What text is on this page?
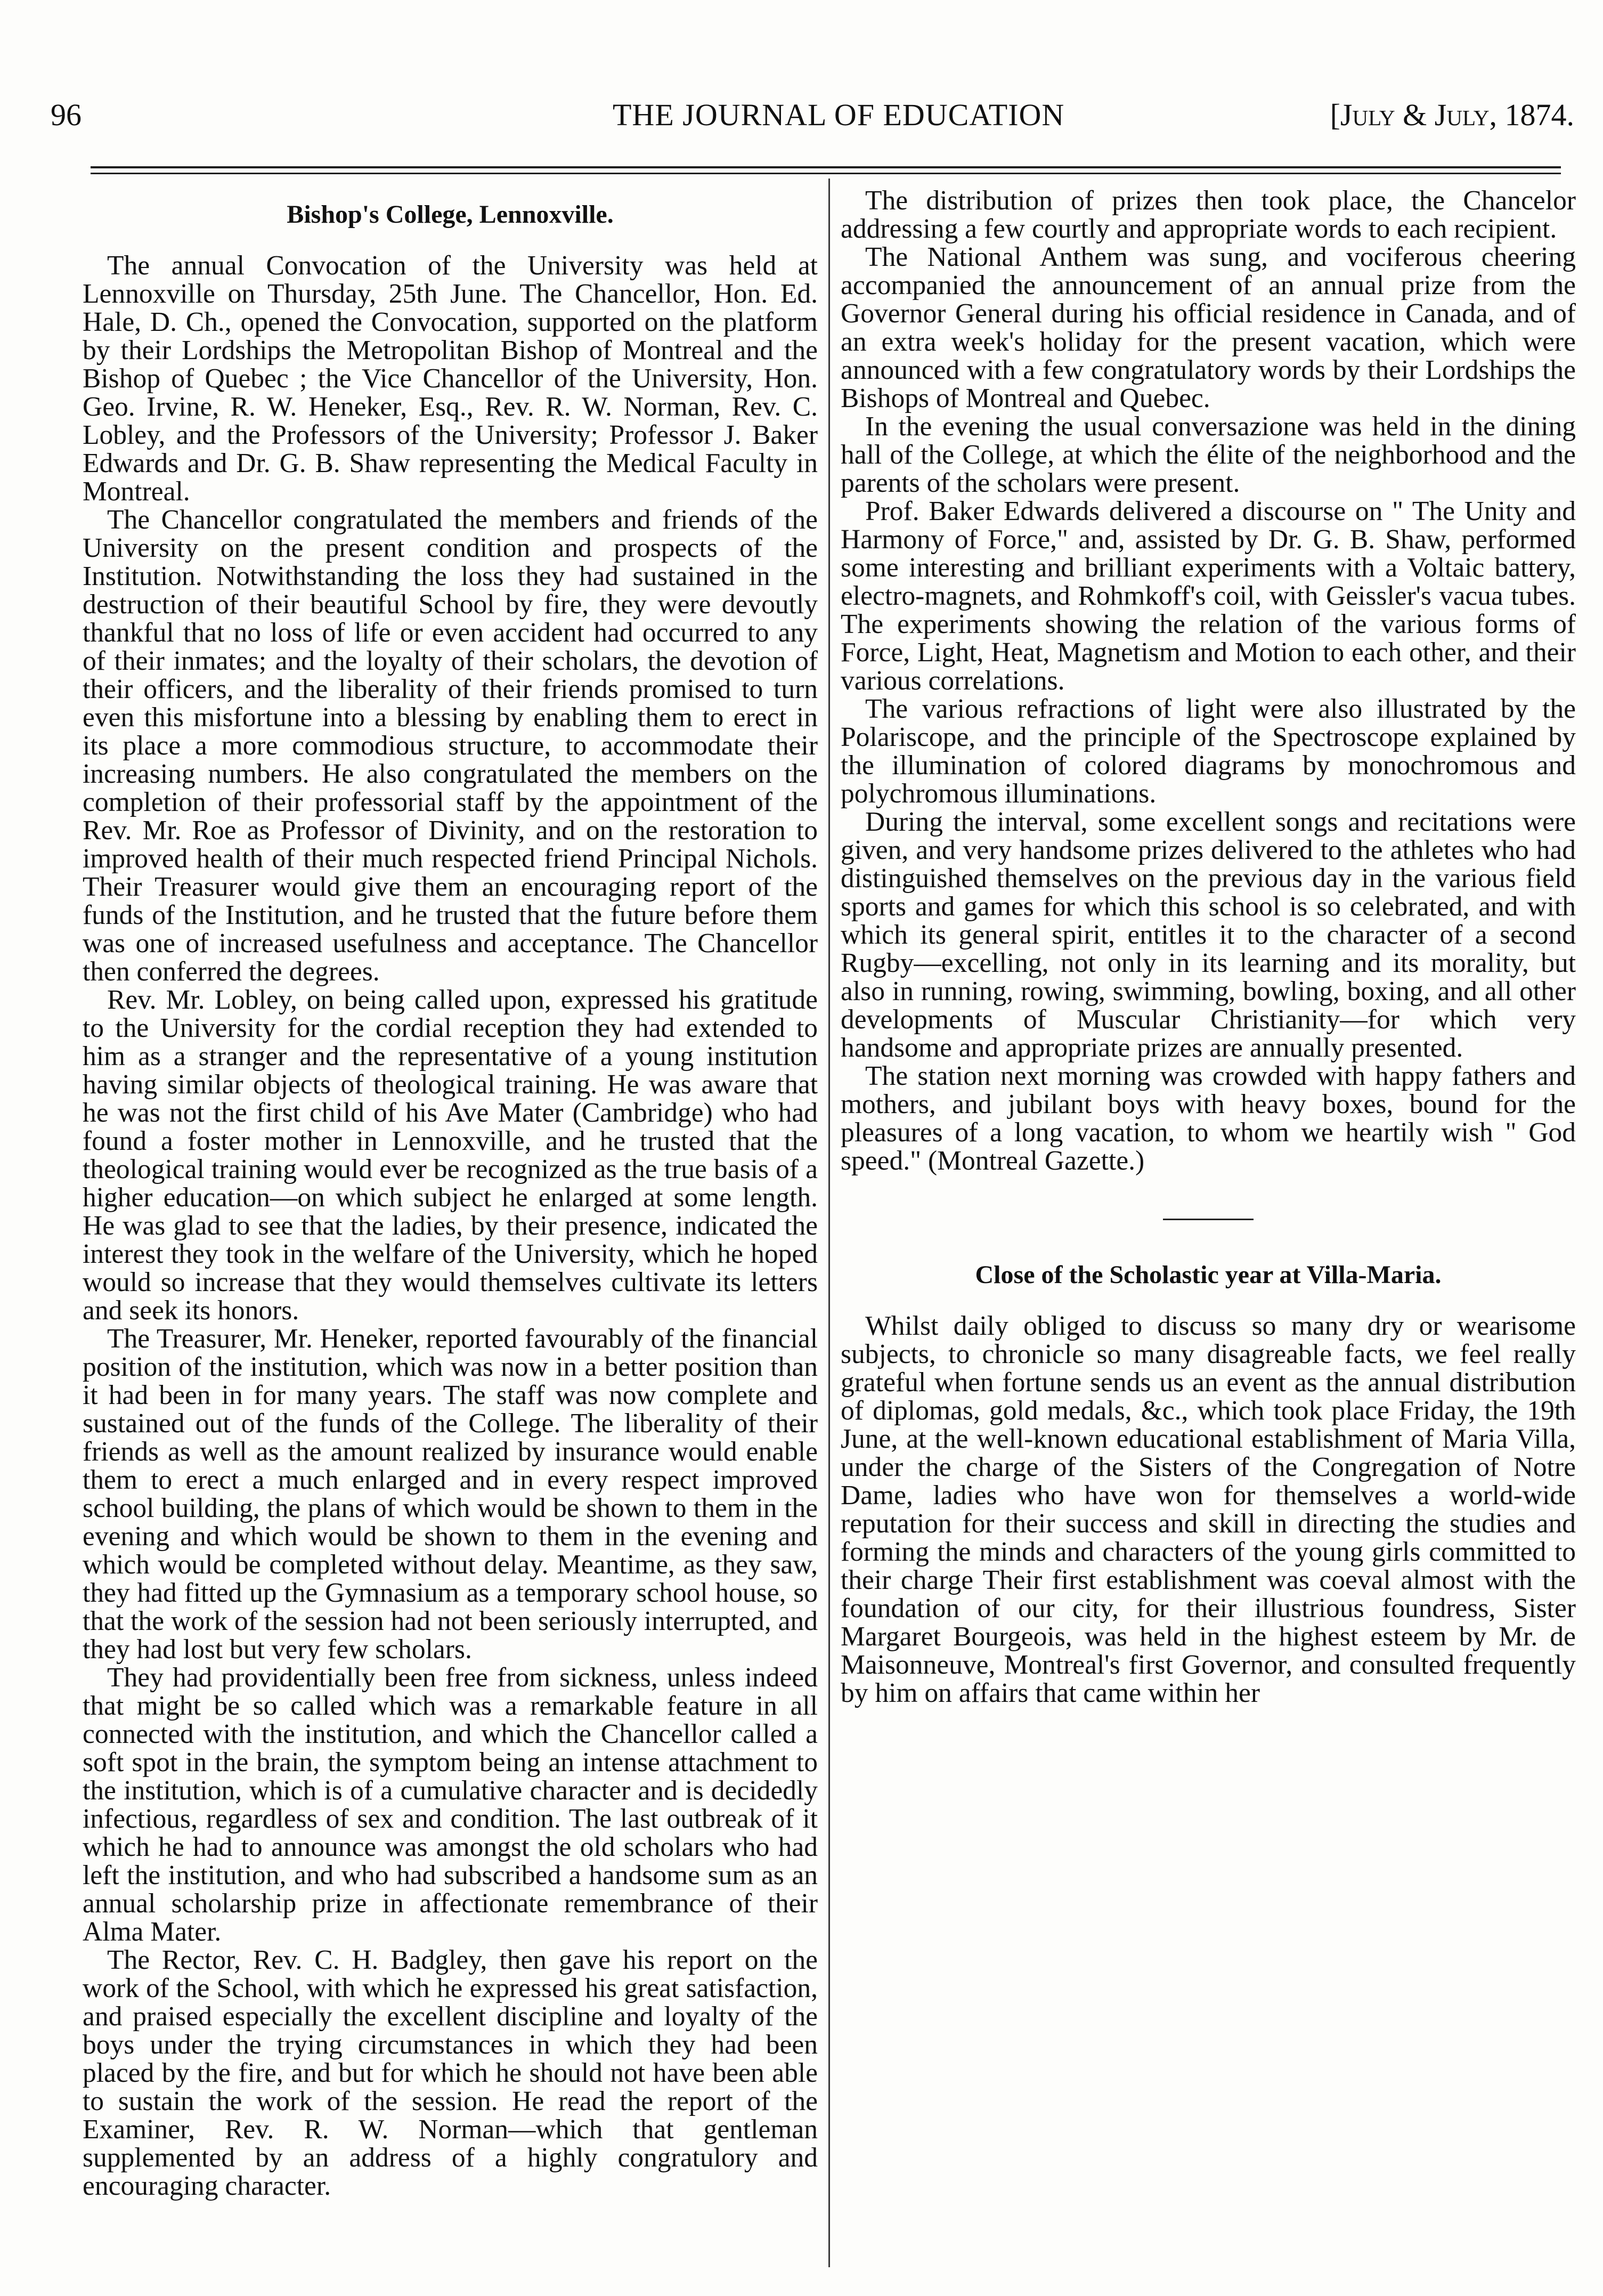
96	THE JOURNAL OF EDUCATION	[July & July, 1874.
Bishop's College, Lennoxville.

The annual Convocation of the University was held at Lennoxville on Thursday, 25th June. The Chancellor, Hon. Ed. Hale, D. Ch., opened the Convocation, supported on the platform by their Lordships the Metropolitan Bishop of Montreal and the Bishop of Quebec ; the Vice Chancellor of the University, Hon. Geo. Irvine, R. W. Heneker, Esq., Rev. R. W. Norman, Rev. C. Lobley, and the Professors of the University; Professor J. Baker Edwards and Dr. G. B. Shaw representing the Medical Faculty in Montreal.

The Chancellor congratulated the members and friends of the University on the present condition and prospects of the Institution. Notwithstanding the loss they had sustained in the destruction of their beautiful School by fire, they were devoutly thankful that no loss of life or even accident had occurred to any of their inmates; and the loyalty of their scholars, the devotion of their officers, and the liberality of their friends promised to turn even this misfortune into a blessing by enabling them to erect in its place a more commodious structure, to accommodate their increasing numbers. He also congratulated the members on the completion of their professorial staff by the appointment of the Rev. Mr. Roe as Professor of Divinity, and on the restoration to improved health of their much respected friend Principal Nichols. Their Treasurer would give them an encouraging report of the funds of the Institution, and he trusted that the future before them was one of increased usefulness and acceptance. The Chancellor then conferred the degrees.

Rev. Mr. Lobley, on being called upon, expressed his gratitude to the University for the cordial reception they had extended to him as a stranger and the representative of a young institution having similar objects of theological training. He was aware that he was not the first child of his Ave Mater (Cambridge) who had found a foster mother in Lennoxville, and he trusted that the theological training would ever be recognized as the true basis of a higher education—on which subject he enlarged at some length. He was glad to see that the ladies, by their presence, indicated the interest they took in the welfare of the University, which he hoped would so increase that they would themselves cultivate its letters and seek its honors.

The Treasurer, Mr. Heneker, reported favourably of the financial position of the institution, which was now in a better position than it had been in for many years. The staff was now complete and sustained out of the funds of the College. The liberality of their friends as well as the amount realized by insurance would enable them to erect a much enlarged and in every respect improved school building, the plans of which would be shown to them in the evening and which would be shown to them in the evening and which would be completed without delay. Meantime, as they saw, they had fitted up the Gymnasium as a temporary school house, so that the work of the session had not been seriously interrupted, and they had lost but very few scholars.

They had providentially been free from sickness, unless indeed that might be so called which was a remarkable feature in all connected with the institution, and which the Chancellor called a soft spot in the brain, the symptom being an intense attachment to the institution, which is of a cumulative character and is decidedly infectious, regardless of sex and condition. The last outbreak of it which he had to announce was amongst the old scholars who had left the institution, and who had subscribed a handsome sum as an annual scholarship prize in affectionate remembrance of their Alma Mater.

The Rector, Rev. C. H. Badgley, then gave his report on the work of the School, with which he expressed his great satisfaction, and praised especially the excellent discipline and loyalty of the boys under the trying circumstances in which they had been placed by the fire, and but for which he should not have been able to sustain the work of the session. He read the report of the Examiner, Rev. R. W. Norman—which that gentleman supplemented by an address of a highly congratulory and encouraging character.

The distribution of prizes then took place, the Chancelor addressing a few courtly and appropriate words to each recipient.

The National Anthem was sung, and vociferous cheering accompanied the announcement of an annual prize from the Governor General during his official residence in Canada, and of an extra week's holiday for the present vacation, which were announced with a few congratulatory words by their Lordships the Bishops of Montreal and Quebec.

In the evening the usual conversazione was held in the dining hall of the College, at which the élite of the neighborhood and the parents of the scholars were present.

Prof. Baker Edwards delivered a discourse on " The Unity and Harmony of Force," and, assisted by Dr. G. B. Shaw, performed some interesting and brilliant experiments with a Voltaic battery, electro-magnets, and Rohmkoff's coil, with Geissler's vacua tubes. The experiments showing the relation of the various forms of Force, Light, Heat, Magnetism and Motion to each other, and their various correlations.

The various refractions of light were also illustrated by the Polariscope, and the principle of the Spectroscope explained by the illumination of colored diagrams by monochromous and polychromous illuminations.

During the interval, some excellent songs and recitations were given, and very handsome prizes delivered to the athletes who had distinguished themselves on the previous day in the various field sports and games for which this school is so celebrated, and with which its general spirit, entitles it to the character of a second Rugby—excelling, not only in its learning and its morality, but also in running, rowing, swimming, bowling, boxing, and all other developments of Muscular Christianity—for which very handsome and appropriate prizes are annually presented.

The station next morning was crowded with happy fathers and mothers, and jubilant boys with heavy boxes, bound for the pleasures of a long vacation, to whom we heartily wish " God speed." (Montreal Gazette.)

Close of the Scholastic year at Villa-Maria.

Whilst daily obliged to discuss so many dry or wearisome subjects, to chronicle so many disagreable facts, we feel really grateful when fortune sends us an event as the annual distribution of diplomas, gold medals, &c., which took place Friday, the 19th June, at the well-known educational establishment of Maria Villa, under the charge of the Sisters of the Congregation of Notre Dame, ladies who have won for themselves a world-wide reputation for their success and skill in directing the studies and forming the minds and characters of the young girls committed to their charge Their first establishment was coeval almost with the foundation of our city, for their illustrious foundress, Sister Margaret Bourgeois, was held in the highest esteem by Mr. de Maisonneuve, Montreal's first Governor, and consulted frequently by him on affairs that came within her
